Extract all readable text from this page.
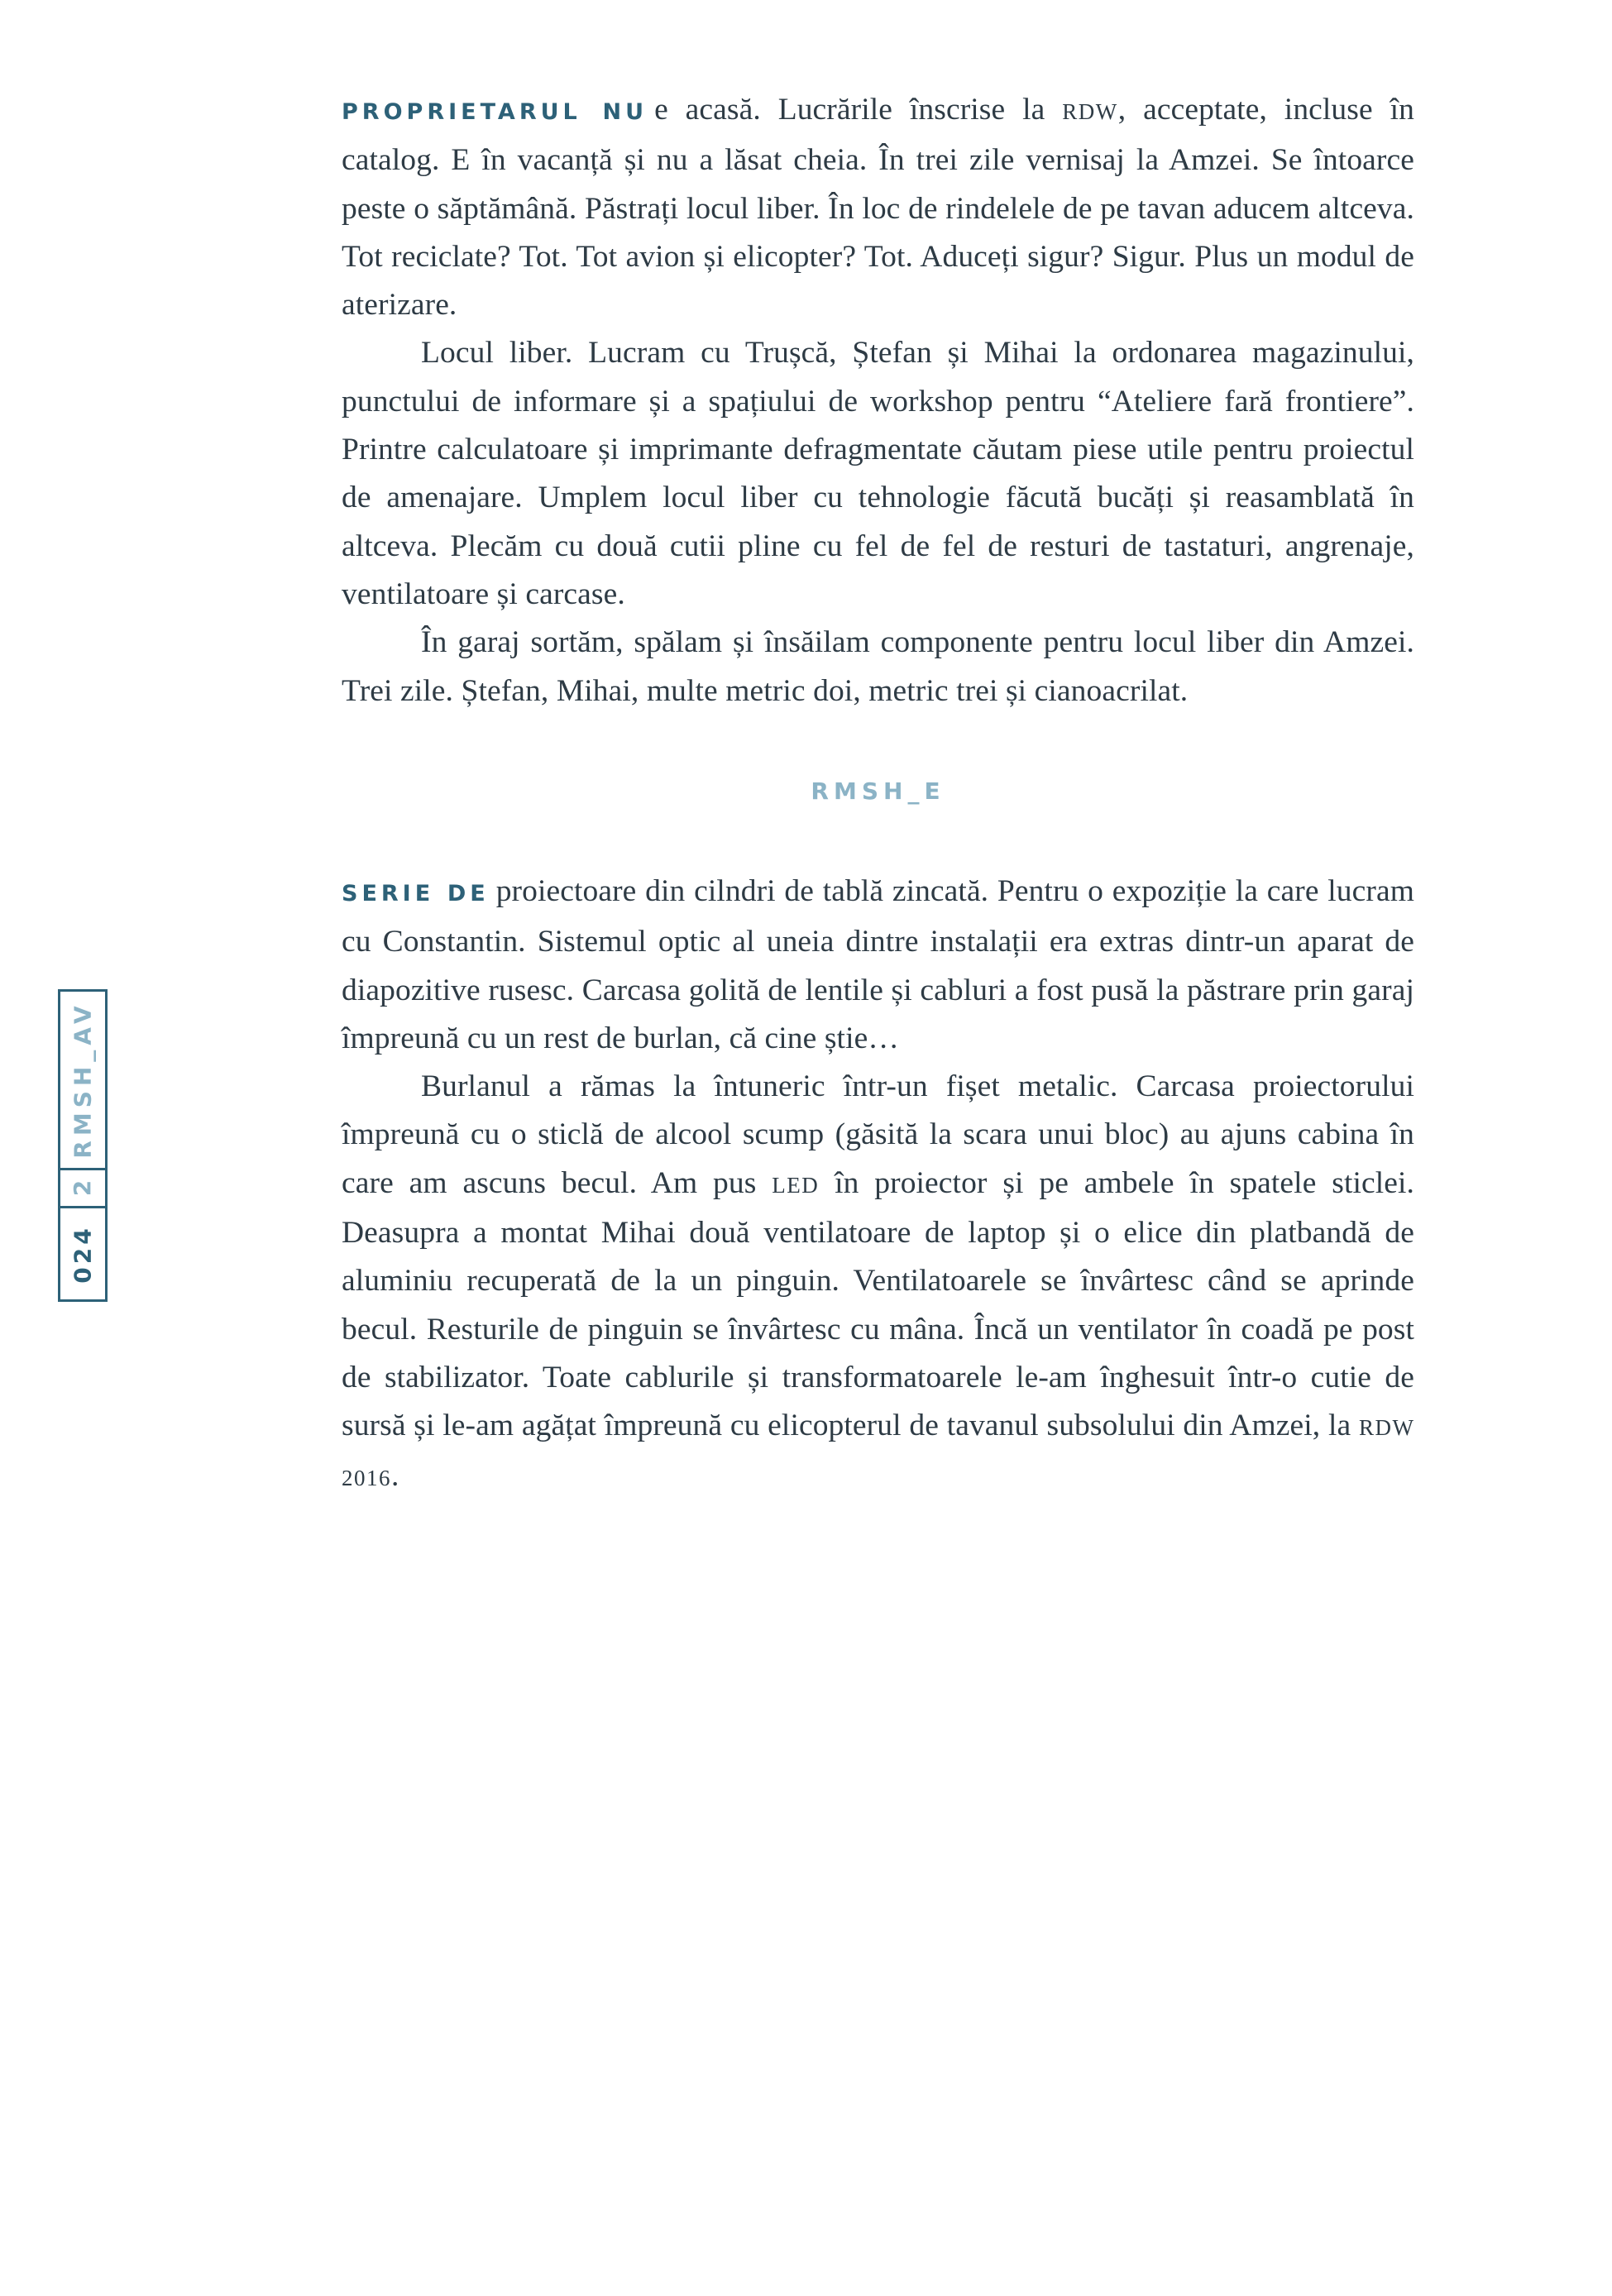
PROPRIETARUL NU e acasă. Lucrările înscrise la RDW, acceptate, incluse în catalog. E în vacanță și nu a lăsat cheia. În trei zile vernisaj la Amzei. Se întoarce peste o săptămână. Păstrați locul liber. În loc de rindelele de pe tavan aducem altceva. Tot reciclate? Tot. Tot avion și elicopter? Tot. Aduceți sigur? Sigur. Plus un modul de aterizare.

Locul liber. Lucram cu Trușcă, Ștefan și Mihai la ordonarea magazinului, punctului de informare și a spațiului de workshop pentru “Ateliere fară frontiere”. Printre calculatoare și imprimante defragmentate căutam piese utile pentru proiectul de amenajare. Umplem locul liber cu tehnologie făcută bucăți și reasamblată în altceva. Plecăm cu două cutii pline cu fel de fel de resturi de tastaturi, angrenaje, ventilatoare și carcase.

În garaj sortăm, spălam și însăilam componente pentru locul liber din Amzei. Trei zile. Ștefan, Mihai, multe metric doi, metric trei și cianoacrilat.

RMSH_E

SERIE DE proiectoare din cilndri de tablă zincată. Pentru o expoziție la care lucram cu Constantin. Sistemul optic al uneia dintre instalații era extras dintr-un aparat de diapozitive rusesc. Carcasa golită de lentile și cabluri a fost pusă la păstrare prin garaj împreună cu un rest de burlan, că cine știe…

Burlanul a rămas la întuneric într-un fișet metalic. Carcasa proiectorului împreună cu o sticlă de alcool scump (găsită la scara unui bloc) au ajuns cabina în care am ascuns becul. Am pus LED în proiector și pe ambele în spatele sticlei. Deasupra a montat Mihai două ventilatoare de laptop și o elice din platbandă de aluminiu recuperată de la un pinguin. Ventilatoarele se învârtesc când se aprinde becul. Resturile de pinguin se învârtesc cu mâna. Încă un ventilator în coadă pe post de stabilizator. Toate cablurile și transformatoarele le-am înghesuit într-o cutie de sursă și le-am agățat împreună cu elicopterul de tavanul subsolului din Amzei, la RDW 2016.

RMSH_AV
2
024
